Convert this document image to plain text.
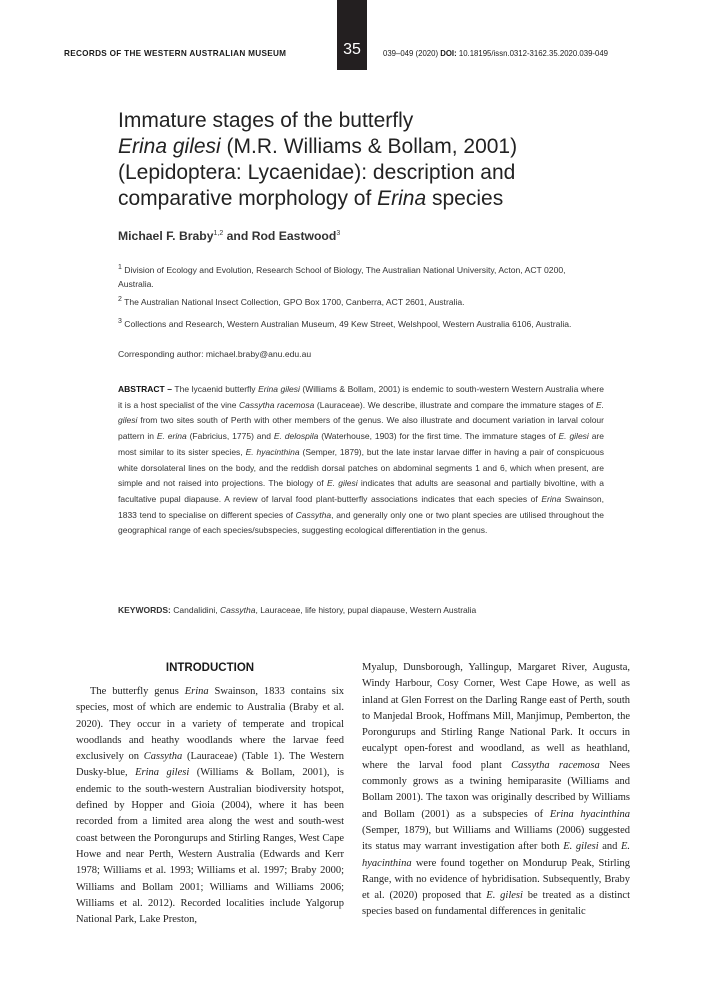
35
RECORDS OF THE WESTERN AUSTRALIAN MUSEUM	039–049 (2020) DOI: 10.18195/issn.0312-3162.35.2020.039-049
Immature stages of the butterfly
Erina gilesi (M.R. Williams & Bollam, 2001)
(Lepidoptera: Lycaenidae): description and
comparative morphology of Erina species
Michael F. Braby$^{1,2}$ and Rod Eastwood$^3$
$^1$ Division of Ecology and Evolution, Research School of Biology, The Australian National University, Acton, ACT 0200, Australia.
$^2$ The Australian National Insect Collection, GPO Box 1700, Canberra, ACT 2601, Australia.
$^3$ Collections and Research, Western Australian Museum, 49 Kew Street, Welshpool, Western Australia 6106, Australia.
Corresponding author: michael.braby@anu.edu.au
ABSTRACT – The lycaenid butterfly Erina gilesi (Williams & Bollam, 2001) is endemic to south-western Western Australia where it is a host specialist of the vine Cassytha racemosa (Lauraceae). We describe, illustrate and compare the immature stages of E. gilesi from two sites south of Perth with other members of the genus. We also illustrate and document variation in larval colour pattern in E. erina (Fabricius, 1775) and E. delospila (Waterhouse, 1903) for the first time. The immature stages of E. gilesi are most similar to its sister species, E. hyacinthina (Semper, 1879), but the late instar larvae differ in having a pair of conspicuous white dorsolateral lines on the body, and the reddish dorsal patches on abdominal segments 1 and 6, which when present, are simple and not raised into projections. The biology of E. gilesi indicates that adults are seasonal and partially bivoltine, with a facultative pupal diapause. A review of larval food plant-butterfly associations indicates that each species of Erina Swainson, 1833 tend to specialise on different species of Cassytha, and generally only one or two plant species are utilised throughout the geographical range of each species/subspecies, suggesting ecological differentiation in the genus.
KEYWORDS: Candalidini, Cassytha, Lauraceae, life history, pupal diapause, Western Australia
INTRODUCTION

The butterfly genus Erina Swainson, 1833 contains six species, most of which are endemic to Australia (Braby et al. 2020). They occur in a variety of temperate and tropical woodlands and heathy woodlands where the larvae feed exclusively on Cassytha (Lauraceae) (Table 1). The Western Dusky-blue, Erina gilesi (Williams & Bollam, 2001), is endemic to the south-western Australian biodiversity hotspot, defined by Hopper and Gioia (2004), where it has been recorded from a limited area along the west and south-west coast between the Porongurups and Stirling Ranges, West Cape Howe and near Perth, Western Australia (Edwards and Kerr 1978; Williams et al. 1993; Williams et al. 1997; Braby 2000; Williams and Bollam 2001; Williams and Williams 2006; Williams et al. 2012). Recorded localities include Yalgorup National Park, Lake Preston,

Myalup, Dunsborough, Yallingup, Margaret River, Augusta, Windy Harbour, Cosy Corner, West Cape Howe, as well as inland at Glen Forrest on the Darling Range east of Perth, south to Manjedal Brook, Hoffmans Mill, Manjimup, Pemberton, the Porongurups and Stirling Range National Park. It occurs in eucalypt open-forest and woodland, as well as heathland, where the larval food plant Cassytha racemosa Nees commonly grows as a twining hemiparasite (Williams and Bollam 2001). The taxon was originally described by Williams and Bollam (2001) as a subspecies of Erina hyacinthina (Semper, 1879), but Williams and Williams (2006) suggested its status may warrant investigation after both E. gilesi and E. hyacinthina were found together on Mondurup Peak, Stirling Range, with no evidence of hybridisation. Subsequently, Braby et al. (2020) proposed that E. gilesi be treated as a distinct species based on fundamental differences in genitalic
